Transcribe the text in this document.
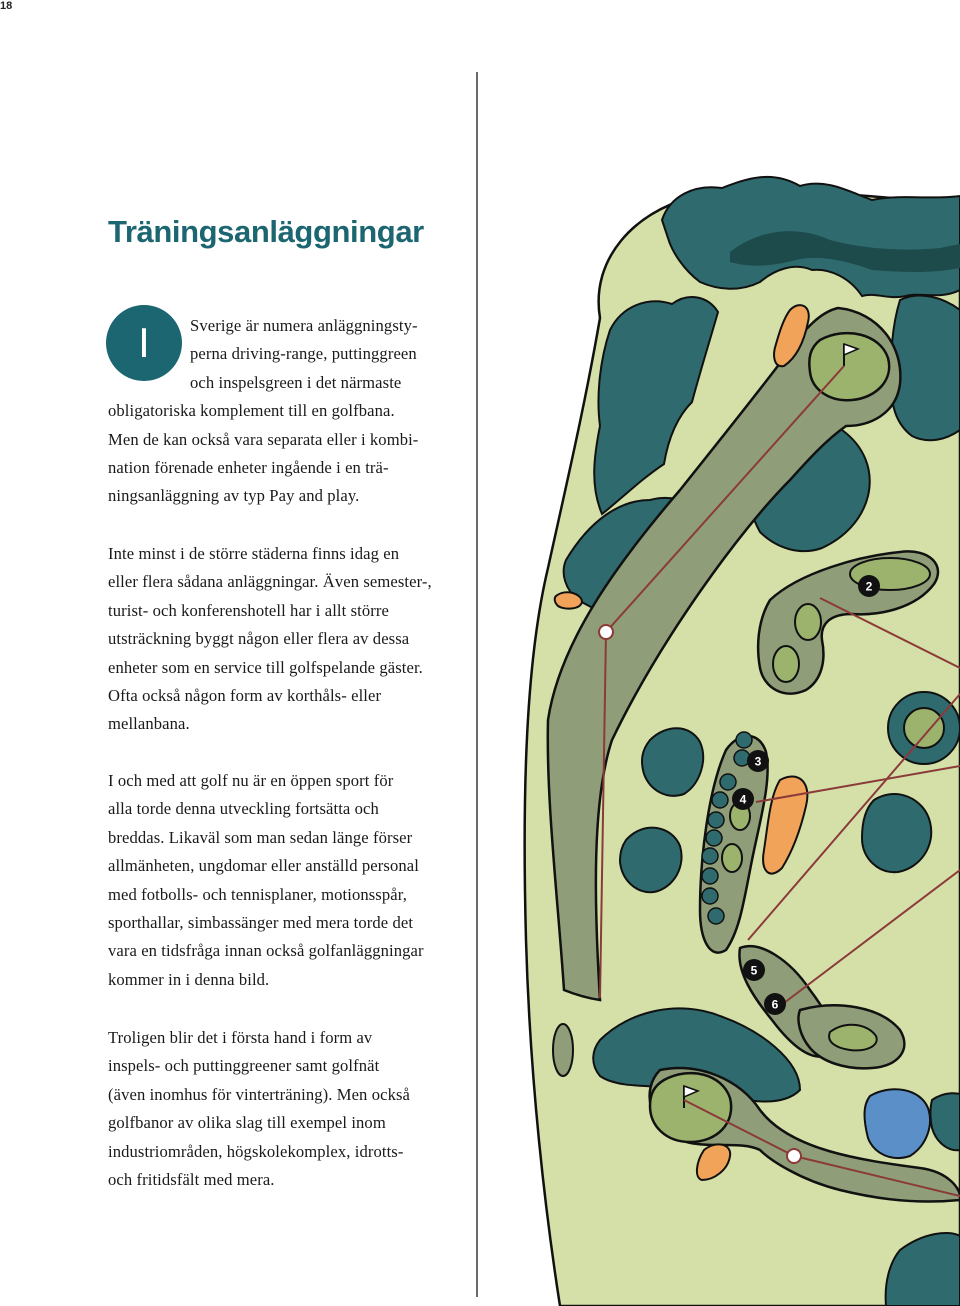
18
Träningsanläggningar
I	Sverige är numera anläggningsty-
perna driving-range, puttinggreen
och inspelsgreen i det närmaste
obligatoriska komplement till en golfbana.
Men de kan också vara separata eller i kombi-
nation förenade enheter ingående i en trä-
ningsanläggning av typ Pay and play.
Inte minst i de större städerna finns idag en
eller flera sådana anläggningar. Även semester-,
turist- och konferenshotell har i allt större
utsträckning byggt någon eller flera av dessa
enheter som en service till golfspelande gäster.
Ofta också någon form av korthåls- eller
mellanbana.
I och med att golf nu är en öppen sport för
alla torde denna utveckling fortsätta och
breddas. Likaväl som man sedan länge förser
allmänheten, ungdomar eller anställd personal
med fotbolls- och tennisplaner, motionsspår,
sporthallar, simbassänger med mera torde det
vara en tidsfråga innan också golfanläggningar
kommer in i denna bild.
Troligen blir det i första hand i form av
inspels- och puttinggreener samt golfnät
(även inomhus för vinterträning). Men också
golfbanor av olika slag till exempel inom
industriområden, högskolekomplex, idrotts-
och fritidsfält med mera.
2
3
4
5
6
